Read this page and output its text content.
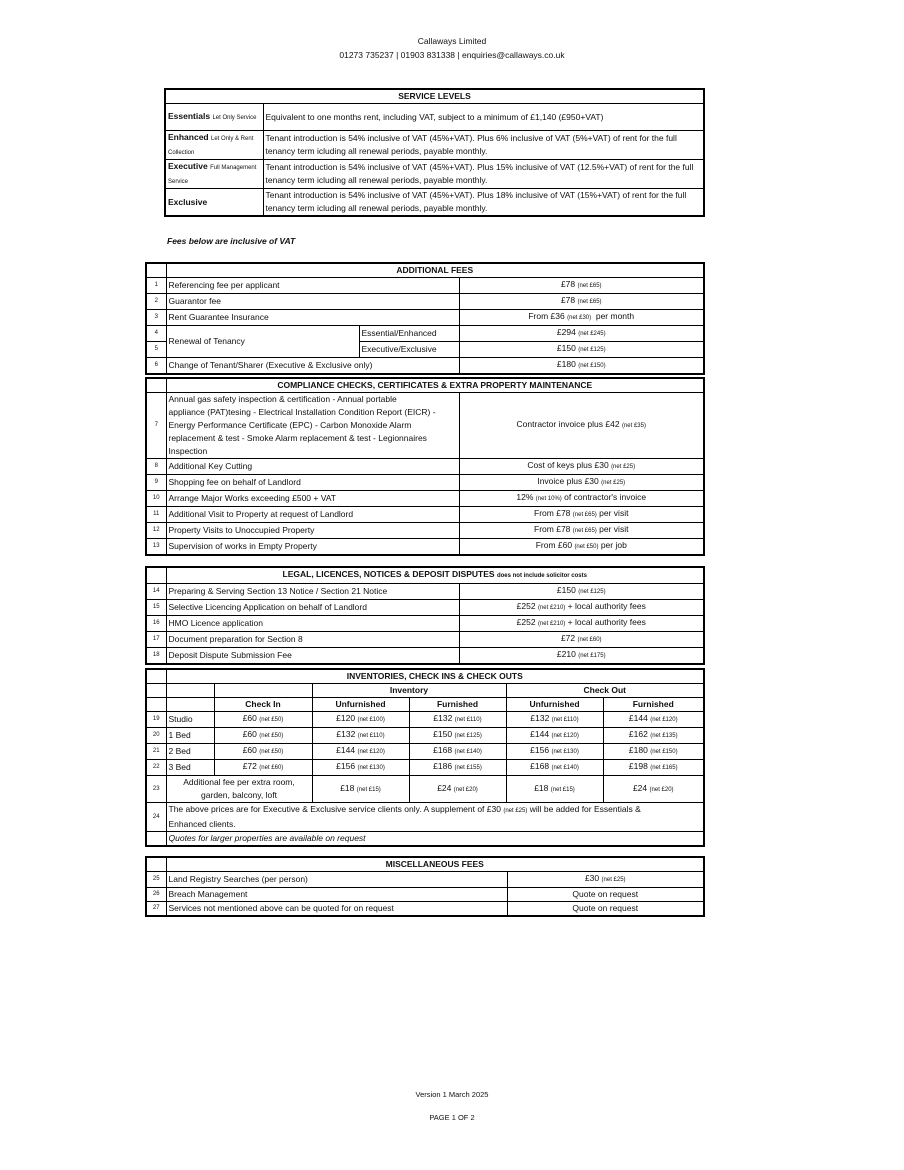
Callaways Limited
01273 735237 | 01903 831338 | enquiries@callaways.co.uk
SERVICE LEVELS	
Essentials Let Only Service	Equivalent to one months rent, including VAT, subject to a minimum of £1,140 (£950+VAT)
Enhanced Let Only & Rent Collection	Tenant introduction is 54% inclusive of VAT (45%+VAT). Plus 6% inclusive of VAT (5%+VAT) of rent for the full tenancy term icluding all renewal periods, payable monthly.
Executive Full Management Service	Tenant introduction is 54% inclusive of VAT (45%+VAT). Plus 15% inclusive of VAT (12.5%+VAT) of rent for the full tenancy term icluding all renewal periods, payable monthly.
Exclusive	Tenant introduction is 54% inclusive of VAT (45%+VAT). Plus 18% inclusive of VAT (15%+VAT) of rent for the full tenancy term icluding all renewal periods, payable monthly.
Fees below are inclusive of VAT
	ADDITIONAL FEES		
1	Referencing fee per applicant		£78 (net £65)
2	Guarantor fee		£78 (net £65)
3	Rent Guarantee Insurance		From £36 (net £30)  per month
4	Renewal of Tenancy	Essential/Enhanced	£294 (net £245)
5		Executive/Exclusive	£150 (net £125)
6	Change of Tenant/Sharer (Executive & Exclusive only)		£180 (net £150)
	COMPLIANCE CHECKS, CERTIFICATES & EXTRA PROPERTY MAINTENANCE	
7	Annual gas safety inspection & certification - Annual portable
appliance (PAT)tesing - Electrical Installation Condition Report (EICR) -
Energy Performance Certificate (EPC) - Carbon Monoxide Alarm
replacement & test - Smoke Alarm replacement & test - Legionnaires
Inspection	Contractor invoice plus £42 (net £35)
8	Additional Key Cutting	Cost of keys plus £30 (net £25)
9	Shopping fee on behalf of Landlord	Invoice plus £30 (net £25)
10	Arrange Major Works exceeding £500 + VAT	12% (net 10%) of contractor's invoice
11	Additional Visit to Property at request of Landlord	From £78 (net £65) per visit
12	Property Visits to Unoccupied Property	From £78 (net £65) per visit
13	Supervision of works in Empty Property	From £60 (net £50) per job
	LEGAL, LICENCES, NOTICES & DEPOSIT DISPUTES does not include solicitor costs	
14	Preparing & Serving Section 13 Notice / Section 21 Notice	£150 (net £125)
15	Selective Licencing Application on behalf of Landlord	£252 (net £210) + local authority fees
16	HMO Licence application	£252 (net £210) + local authority fees
17	Document preparation for Section 8	£72 (net £60)
18	Deposit Dispute Submission Fee	£210 (net £175)
	INVENTORIES, CHECK INS & CHECK OUTS					
			Inventory		Check Out	
		Check In	Unfurnished	Furnished	Unfurnished	Furnished
19	Studio	£60 (net £50)	£120 (net £100)	£132 (net £110)	£132 (net £110)	£144 (net £120)
20	1 Bed	£60 (net £50)	£132 (net £110)	£150 (net £125)	£144 (net £120)	£162 (net £135)
21	2 Bed	£60 (net £50)	£144 (net £120)	£168 (net £140)	£156 (net £130)	£180 (net £150)
22	3 Bed	£72 (net £60)	£156 (net £130)	£186 (net £155)	£168 (net £140)	£198 (net £165)
23	Additional fee per extra room,
garden, balcony, loft		£18 (net £15)	£24 (net £20)	£18 (net £15)	£24 (net £20)
24	The above prices are for Executive & Exclusive service clients only. A supplement of £30 (net £25) will be added for Essentials &
Enhanced clients.					

	Quotes for larger properties are available on request					
	MISCELLANEOUS FEES	
25	Land Registry Searches (per person)	£30 (net £25)
26	Breach Management	Quote on request
27	Services not mentioned above can be quoted for on request	Quote on request
Version 1 March 2025
PAGE 1 OF 2
